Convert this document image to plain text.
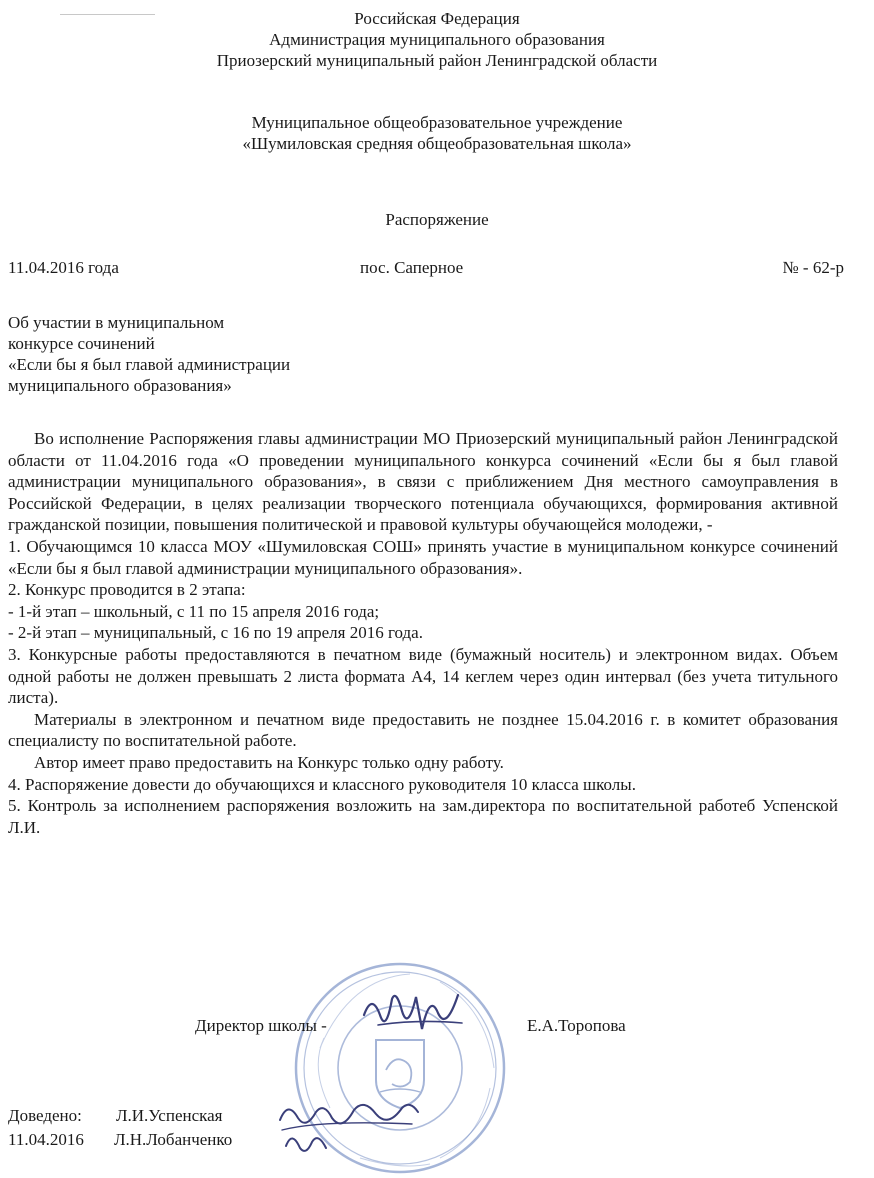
Российская Федерация
Администрация муниципального образования
Приозерский муниципальный район Ленинградской области
Муниципальное общеобразовательное учреждение
«Шумиловская средняя общеобразовательная школа»
Распоряжение
11.04.2016 года	пос. Саперное	№ - 62-р
Об участии в муниципальном
конкурсе сочинений
«Если бы я был главой администрации
муниципального образования»

Во исполнение Распоряжения главы администрации МО Приозерский муниципальный район Ленинградской области от 11.04.2016 года «О проведении муниципального конкурса сочинений «Если бы я был главой администрации муниципального образования», в связи с приближением Дня местного самоуправления в Российской Федерации, в целях реализации творческого потенциала обучающихся, формирования активной гражданской позиции, повышения политической и правовой культуры обучающейся молодежи, -

1. Обучающимся 10 класса МОУ «Шумиловская СОШ» принять участие в муниципальном конкурсе сочинений «Если бы я был главой администрации муниципального образования».

2. Конкурс проводится в 2 этапа:

- 1-й этап – школьный, с 11 по 15 апреля 2016 года;

- 2-й этап – муниципальный, с 16 по 19 апреля 2016 года.

3. Конкурсные работы предоставляются в печатном виде (бумажный носитель) и электронном видах. Объем одной работы не должен превышать 2 листа формата А4, 14 кеглем через один интервал (без учета титульного листа).

Материалы в электронном и печатном виде предоставить не позднее 15.04.2016 г. в комитет образования специалисту по воспитательной работе.

Автор имеет право предоставить на Конкурс только одну работу.

4. Распоряжение довести до обучающихся и классного руководителя 10 класса школы.

5. Контроль за исполнением распоряжения возложить на зам.директора по воспитательной работеб Успенской Л.И.

Директор школы -	Е.А.Торопова
Доведено: Л.И.Успенская
11.04.2016 Л.Н.Лобанченко
